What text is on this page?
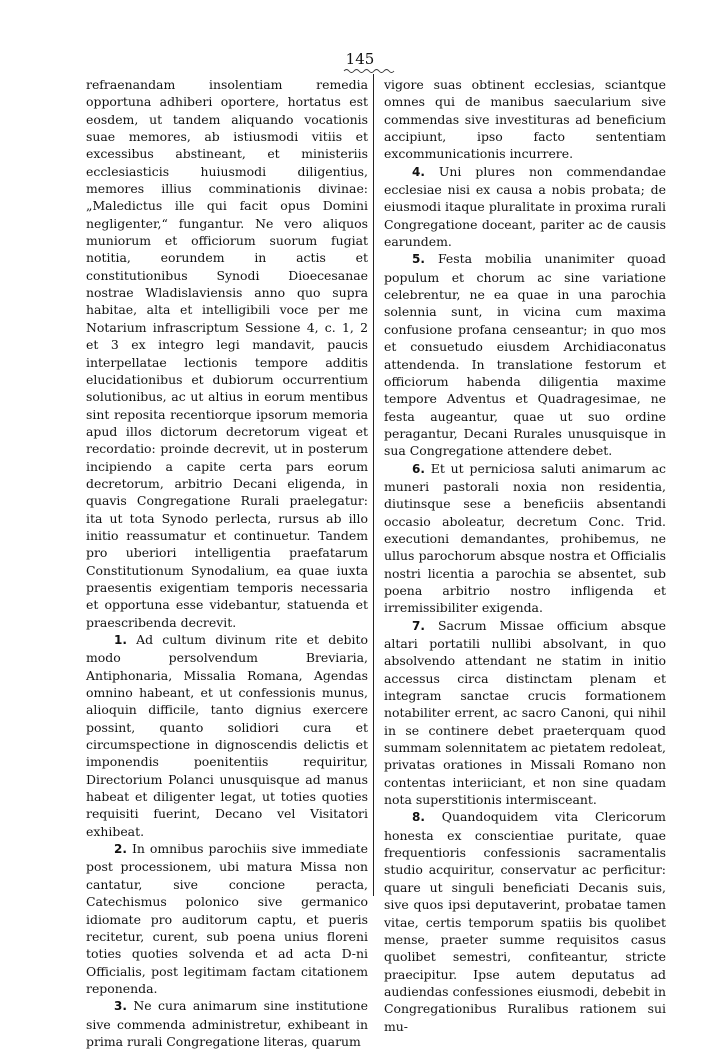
145

refraenandam insolentiam remedia opportuna adhiberi oportere, hortatus est eosdem, ut tandem aliquando vocationis suae memores, ab istiusmodi vitiis et excessibus abstineant, et ministeriis ecclesiasticis huiusmodi diligentius, memores illius comminationis divinae: „Maledictus ille qui facit opus Domini negligenter,“ fungantur. Ne vero aliquos muniorum et officiorum suorum fugiat notitia, eorundem in actis et constitutionibus Synodi Dioecesanae nostrae Wladislaviensis anno quo supra habitae, alta et intelligibili voce per me Notarium infrascriptum Sessione 4, c. 1, 2 et 3 ex integro legi mandavit, paucis interpellatae lectionis tempore additis elucidationibus et dubiorum occurrentium solutionibus, ac ut altius in eorum mentibus sint reposita recentiorque ipsorum memoria apud illos dictorum decretorum vigeat et recordatio: proinde decrevit, ut in posterum incipiendo a capite certa pars eorum decretorum, arbitrio Decani eligenda, in quavis Congregatione Rurali praelegatur: ita ut tota Synodo perlecta, rursus ab illo initio reassumatur et continuetur. Tandem pro uberiori intelligentia praefatarum Constitutionum Synodalium, ea quae iuxta praesentis exigentiam temporis necessaria et opportuna esse videbantur, statuenda et praescribenda decrevit.

1. Ad cultum divinum rite et debito modo persolvendum Breviaria, Antiphonaria, Missalia Romana, Agendas omnino habeant, et ut confessionis munus, alioquin difficile, tanto dignius exercere possint, quanto solidiori cura et circumspectione in dignoscendis delictis et imponendis poenitentiis requiritur, Directorium Polanci unusquisque ad manus habeat et diligenter legat, ut toties quoties requisiti fuerint, Decano vel Visitatori exhibeat.

2. In omnibus parochiis sive immediate post processionem, ubi matura Missa non cantatur, sive concione peracta, Catechismus polonico sive germanico idiomate pro auditorum captu, et pueris recitetur, curent, sub poena unius floreni toties quoties solvenda et ad acta D-ni Officialis, post legitimam factam citationem reponenda.

3. Ne cura animarum sine institutione sive commenda administretur, exhibeant in prima rurali Congregatione literas, quarum

vigore suas obtinent ecclesias, sciantque omnes qui de manibus saecularium sive commendas sive investituras ad beneficium accipiunt, ipso facto sententiam excommunicationis incurrere.

4. Uni plures non commendandae ecclesiae nisi ex causa a nobis probata; de eiusmodi itaque pluralitate in proxima rurali Congregatione doceant, pariter ac de causis earundem.

5. Festa mobilia unanimiter quoad populum et chorum ac sine variatione celebrentur, ne ea quae in una parochia solennia sunt, in vicina cum maxima confusione profana censeantur; in quo mos et consuetudo eiusdem Archidiaconatus attendenda. In translatione festorum et officiorum habenda diligentia maxime tempore Adventus et Quadragesimae, ne festa augeantur, quae ut suo ordine peragantur, Decani Rurales unusquisque in sua Congregatione attendere debet.

6. Et ut perniciosa saluti animarum ac muneri pastorali noxia non residentia, diutinsque sese a beneficiis absentandi occasio aboleatur, decretum Conc. Trid. executioni demandantes, prohibemus, ne ullus parochorum absque nostra et Officialis nostri licentia a parochia se absentet, sub poena arbitrio nostro infligenda et irremissibiliter exigenda.

7. Sacrum Missae officium absque altari portatili nullibi absolvant, in quo absolvendo attendant ne statim in initio accessus circa distinctam plenam et integram sanctae crucis formationem notabiliter errent, ac sacro Canoni, qui nihil in se continere debet praeterquam quod summam solennitatem ac pietatem redoleat, privatas orationes in Missali Romano non contentas interiiciant, et non sine quadam nota superstitionis intermisceant.

8. Quandoquidem vita Clericorum honesta ex conscientiae puritate, quae frequentioris confessionis sacramentalis studio acquiritur, conservatur ac perficitur: quare ut singuli beneficiati Decanis suis, sive quos ipsi deputaverint, probatae tamen vitae, certis temporum spatiis bis quolibet mense, praeter summe requisitos casus quolibet semestri, confiteantur, stricte praecipitur. Ipse autem deputatus ad audiendas confessiones eiusmodi, debebit in Congregationibus Ruralibus rationem sui mu-
